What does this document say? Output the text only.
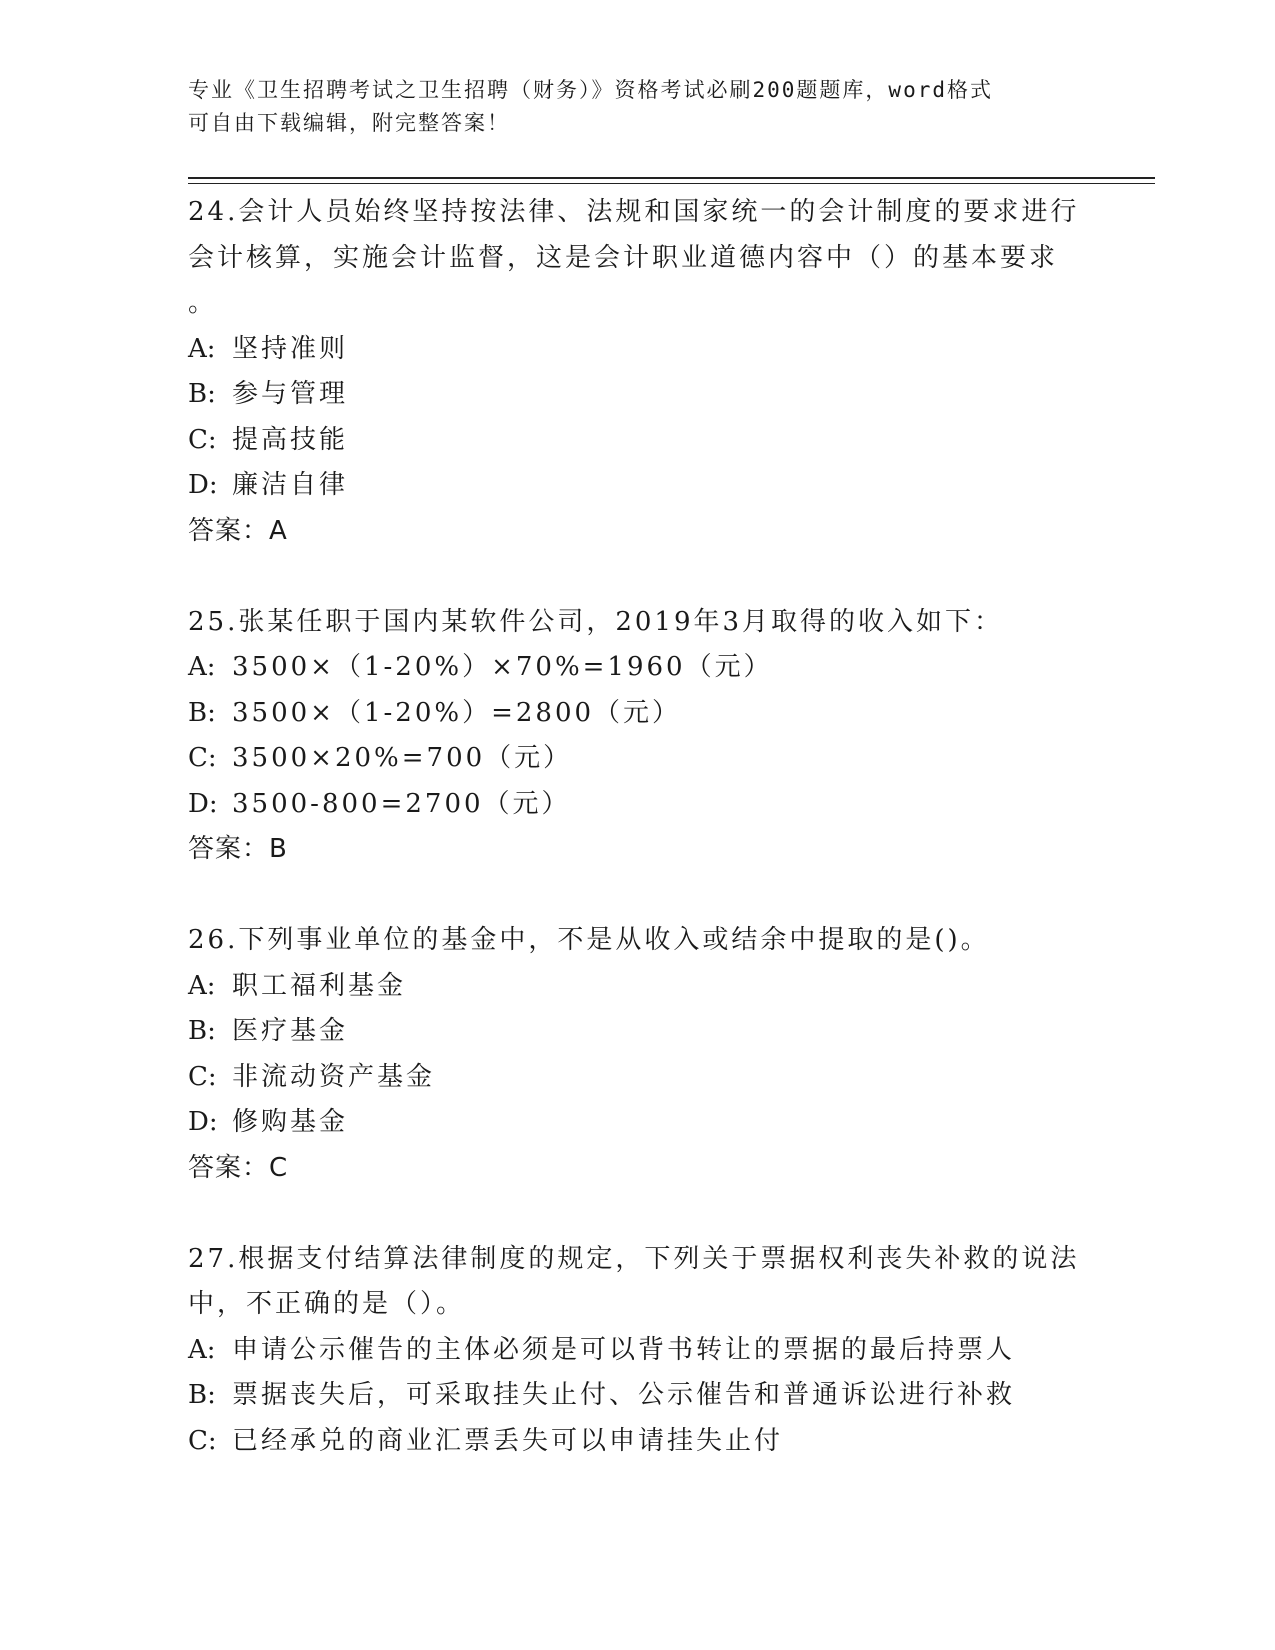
专业《卫生招聘考试之卫生招聘（财务）》资格考试必刷200题题库，word格式
可自由下载编辑，附完整答案！
24.会计人员始终坚持按法律、法规和国家统一的会计制度的要求进行
会计核算，实施会计监督，这是会计职业道德内容中（）的基本要求
。
A: 坚持准则
B: 参与管理
C: 提高技能
D: 廉洁自律
答案：A
25.张某任职于国内某软件公司，2019年3月取得的收入如下：
A: 3500×（1-20%）×70%=1960（元）
B: 3500×（1-20%）=2800（元）
C: 3500×20%=700（元）
D: 3500-800=2700（元）
答案：B
26.下列事业单位的基金中，不是从收入或结余中提取的是()。
A: 职工福利基金
B: 医疗基金
C: 非流动资产基金
D: 修购基金
答案：C
27.根据支付结算法律制度的规定，下列关于票据权利丧失补救的说法
中，不正确的是（）。
A: 申请公示催告的主体必须是可以背书转让的票据的最后持票人
B: 票据丧失后，可采取挂失止付、公示催告和普通诉讼进行补救
C: 已经承兑的商业汇票丢失可以申请挂失止付
